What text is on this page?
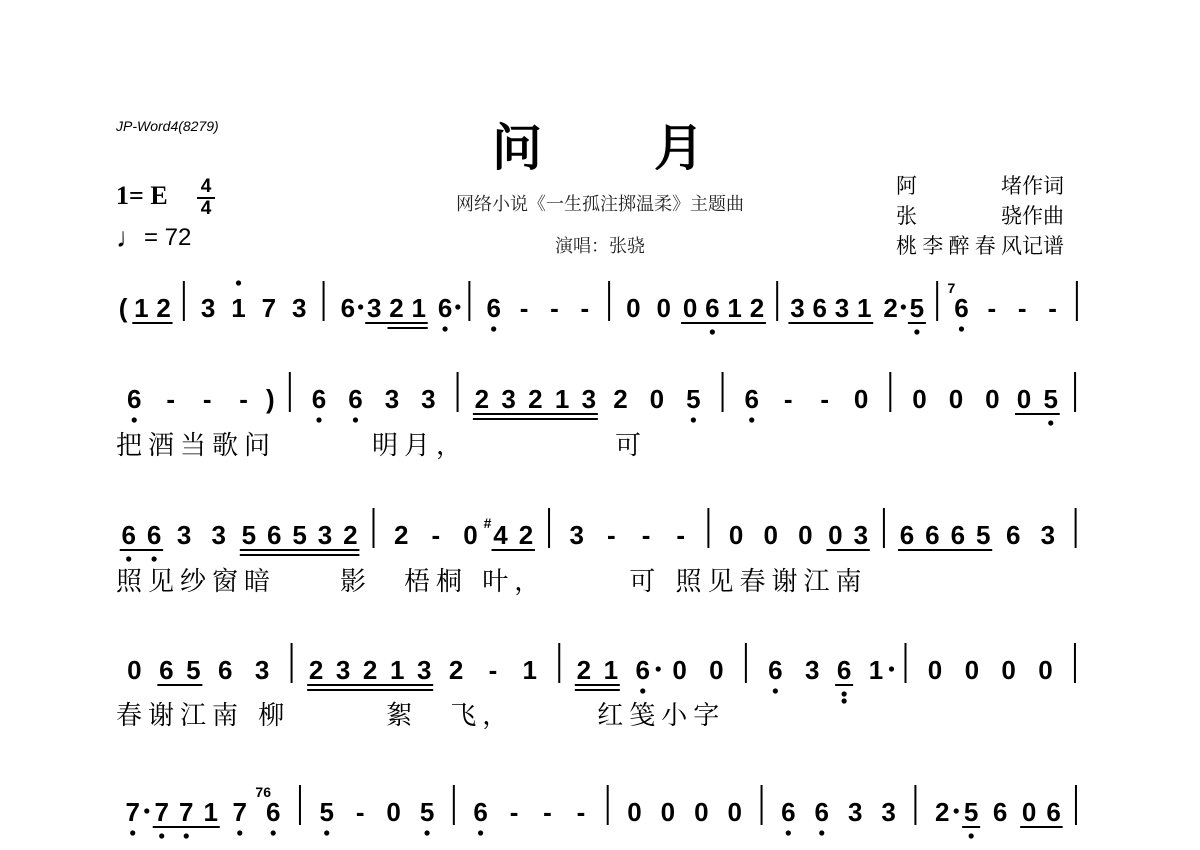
JP-Word4(8279)	问　　月
网络小说《一生孤注掷温柔》主题曲
演唱：张骁
阿堵作词
张骁作曲
桃李醉春风记谱
1= E 4
4
♩= 72
( 1 2 3 1 7 3 6 3 2 1 6 6 - - - 0 0 0 6 1 2 3 6 3 1 2 5 6
7
- - -
6 - - - ) 6 6 3 3 2 3 2 1 3 2 0 5 6 - - 0 0 0 0 0 5
把酒当歌问　　　明月，　　　　　可
6 6 3 3 5 6 5 3 2 2 - 0 4
# 2 3 - - - 0 0 0 0 3 6 6 6 5 6 3
照见纱窗暗　　影　梧桐 叶，　　　可 照见春谢江南
0 6 5 6 3 2 3 2 1 3 2 - 1 2 1 6 0 0 6 3 6 1 0 0 0 0
春谢江南 柳　　　絮　飞，　　　红笺小字
7 7 7 1 7 6
76
5 - 0 5 6 - - - 0 0 0 0 6 6 3 3 2 5 6 0 6
